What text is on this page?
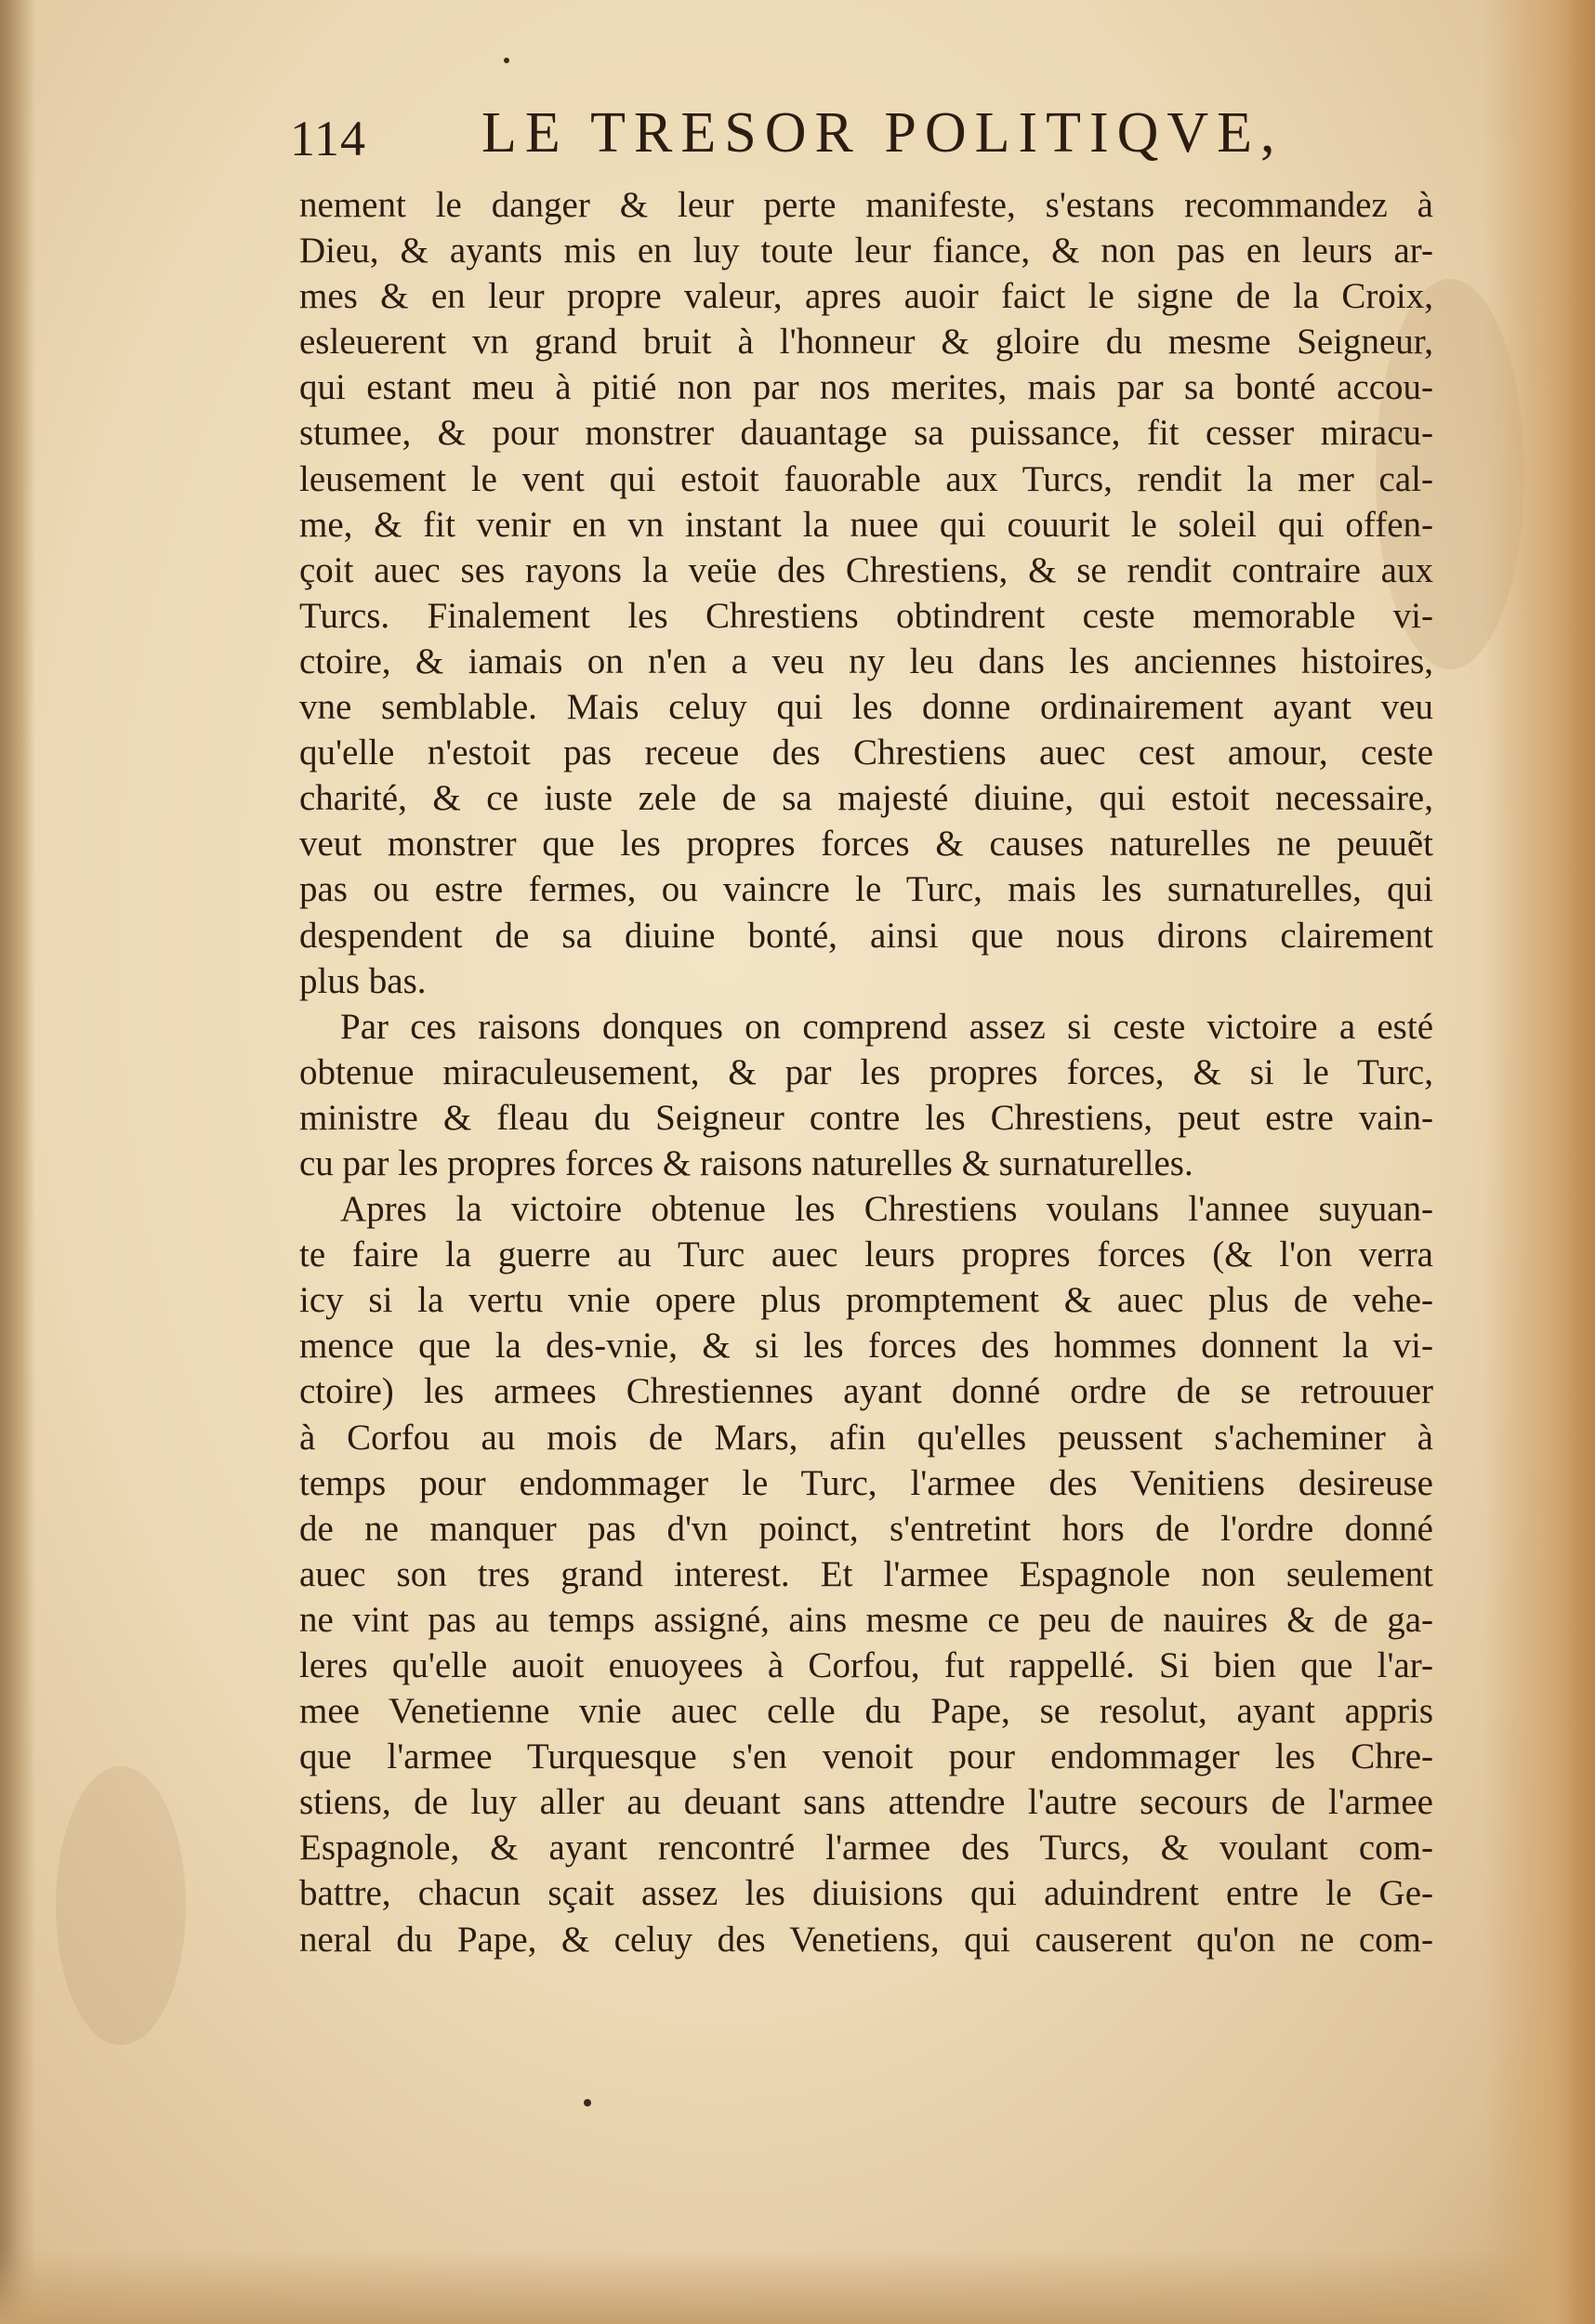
114 LE TRESOR POLITIQVE,
nement le danger & leur perte manifeste, s'estans recommandez à
Dieu, & ayants mis en luy toute leur fiance, & non pas en leurs ar-
mes & en leur propre valeur, apres auoir faict le signe de la Croix,
esleuerent vn grand bruit à l'honneur & gloire du mesme Seigneur,
qui estant meu à pitié non par nos merites, mais par sa bonté accou-
stumee, & pour monstrer dauantage sa puissance, fit cesser miracu-
leusement le vent qui estoit fauorable aux Turcs, rendit la mer cal-
me, & fit venir en vn instant la nuee qui couurit le soleil qui offen-
çoit auec ses rayons la veüe des Chrestiens, & se rendit contraire aux
Turcs. Finalement les Chrestiens obtindrent ceste memorable vi-
ctoire, & iamais on n'en a veu ny leu dans les anciennes histoires,
vne semblable. Mais celuy qui les donne ordinairement ayant veu
qu'elle n'estoit pas receue des Chrestiens auec cest amour, ceste
charité, & ce iuste zele de sa majesté diuine, qui estoit necessaire,
veut monstrer que les propres forces & causes naturelles ne peuuẽt
pas ou estre fermes, ou vaincre le Turc, mais les surnaturelles, qui
despendent de sa diuine bonté, ainsi que nous dirons clairement
plus bas.
Par ces raisons donques on comprend assez si ceste victoire a esté
obtenue miraculeusement, & par les propres forces, & si le Turc,
ministre & fleau du Seigneur contre les Chrestiens, peut estre vain-
cu par les propres forces & raisons naturelles & surnaturelles.
Apres la victoire obtenue les Chrestiens voulans l'annee suyuan-
te faire la guerre au Turc auec leurs propres forces (& l'on verra
icy si la vertu vnie opere plus promptement & auec plus de vehe-
mence que la des-vnie, & si les forces des hommes donnent la vi-
ctoire) les armees Chrestiennes ayant donné ordre de se retrouuer
à Corfou au mois de Mars, afin qu'elles peussent s'acheminer à
temps pour endommager le Turc, l'armee des Venitiens desireuse
de ne manquer pas d'vn poinct, s'entretint hors de l'ordre donné
auec son tres grand interest. Et l'armee Espagnole non seulement
ne vint pas au temps assigné, ains mesme ce peu de nauires & de ga-
leres qu'elle auoit enuoyees à Corfou, fut rappellé. Si bien que l'ar-
mee Venetienne vnie auec celle du Pape, se resolut, ayant appris
que l'armee Turquesque s'en venoit pour endommager les Chre-
stiens, de luy aller au deuant sans attendre l'autre secours de l'armee
Espagnole, & ayant rencontré l'armee des Turcs, & voulant com-
battre, chacun sçait assez les diuisions qui aduindrent entre le Ge-
neral du Pape, & celuy des Venetiens, qui causerent qu'on ne com-
